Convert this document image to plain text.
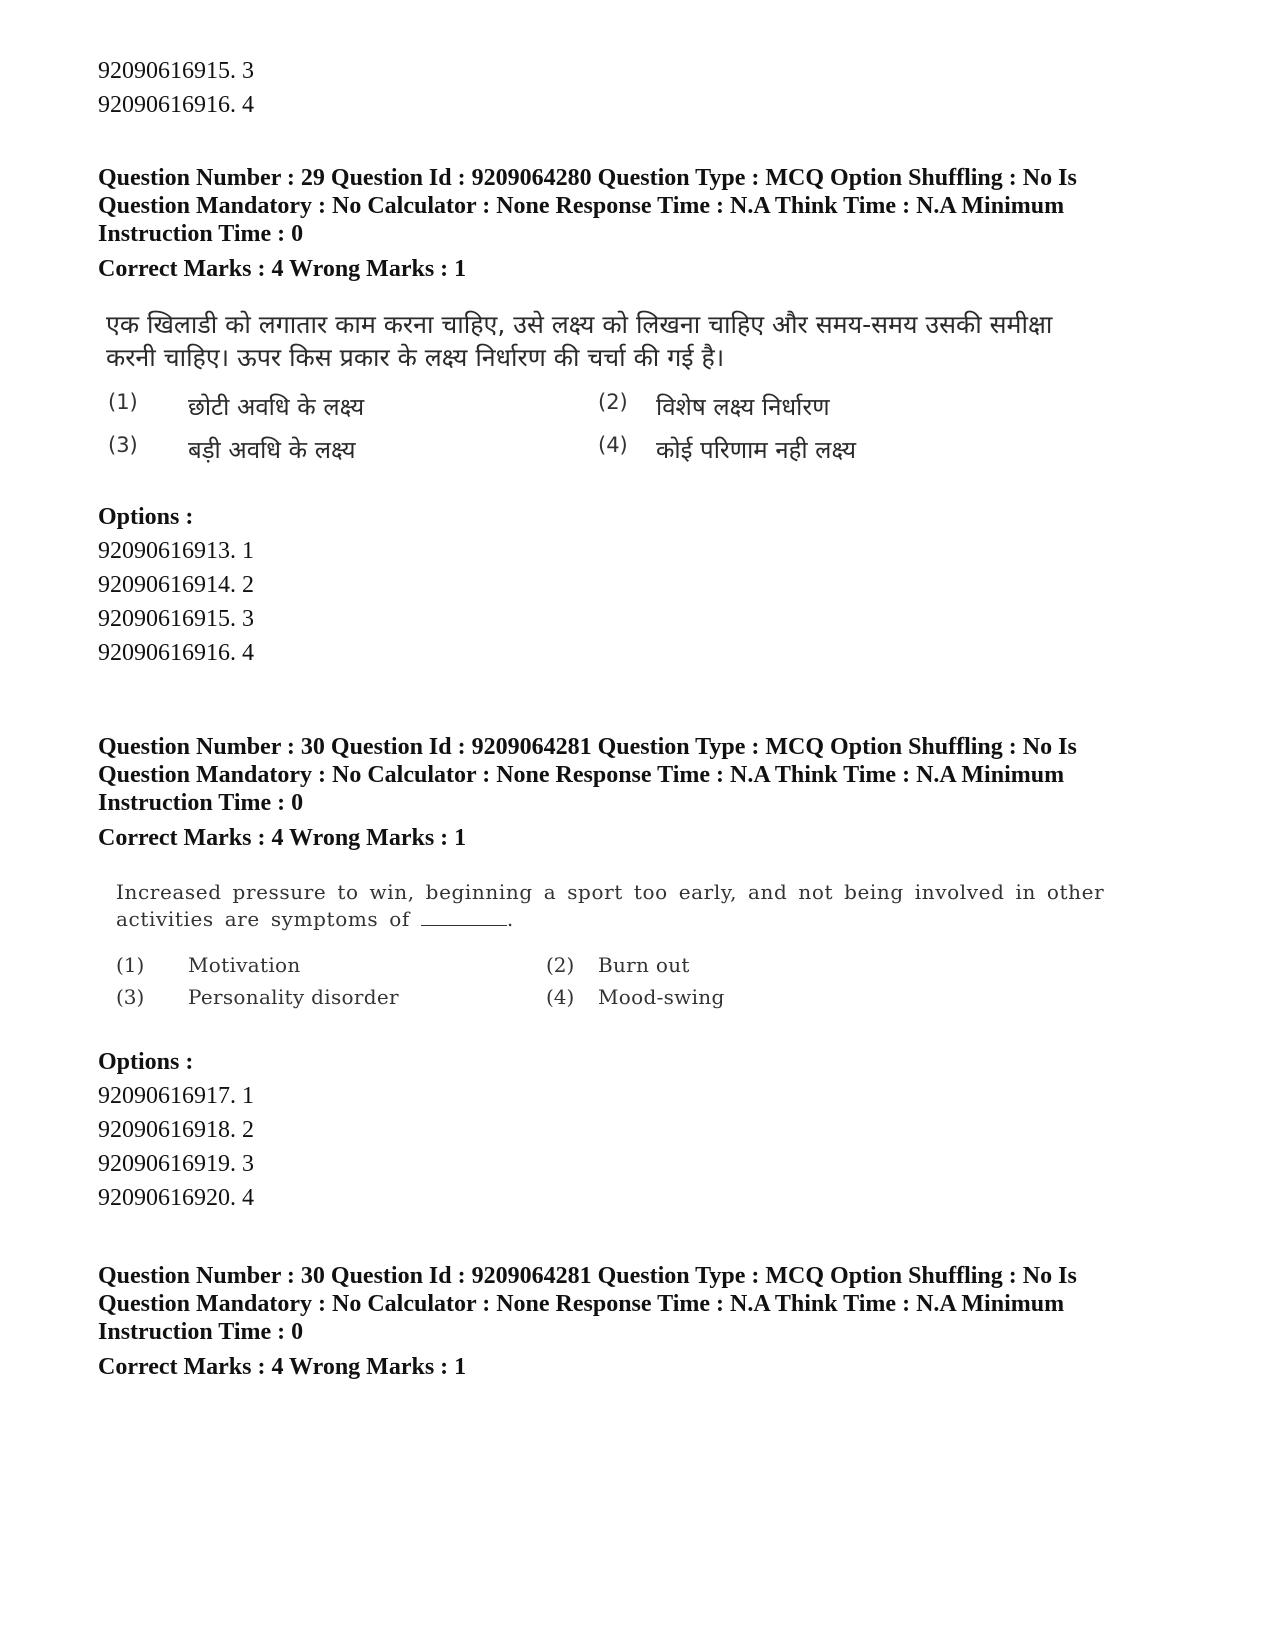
92090616915. 3
92090616916. 4
Question Number : 29 Question Id : 9209064280 Question Type : MCQ Option Shuffling : No Is
Question Mandatory : No Calculator : None Response Time : N.A Think Time : N.A Minimum
Instruction Time : 0
Correct Marks : 4 Wrong Marks : 1
एक खिलाडी को लगातार काम करना चाहिए, उसे लक्ष्य को लिखना चाहिए और समय-समय उसकी समीक्षा
करनी चाहिए। ऊपर किस प्रकार के लक्ष्य निर्धारण की चर्चा की गई है।
(1)	छोटी अवधि के लक्ष्य	(2)	विशेष लक्ष्य निर्धारण
(3)	बड़ी अवधि के लक्ष्य	(4)	कोई परिणाम नही लक्ष्य
Options :
92090616913. 1
92090616914. 2
92090616915. 3
92090616916. 4
Question Number : 30 Question Id : 9209064281 Question Type : MCQ Option Shuffling : No Is
Question Mandatory : No Calculator : None Response Time : N.A Think Time : N.A Minimum
Instruction Time : 0
Correct Marks : 4 Wrong Marks : 1
Increased pressure to win, beginning a sport too early, and not being involved in other
activities are symptoms of	.
(1)	Motivation	(2)	Burn out
(3)	Personality disorder	(4)	Mood-swing
Options :
92090616917. 1
92090616918. 2
92090616919. 3
92090616920. 4
Question Number : 30 Question Id : 9209064281 Question Type : MCQ Option Shuffling : No Is
Question Mandatory : No Calculator : None Response Time : N.A Think Time : N.A Minimum
Instruction Time : 0
Correct Marks : 4 Wrong Marks : 1
